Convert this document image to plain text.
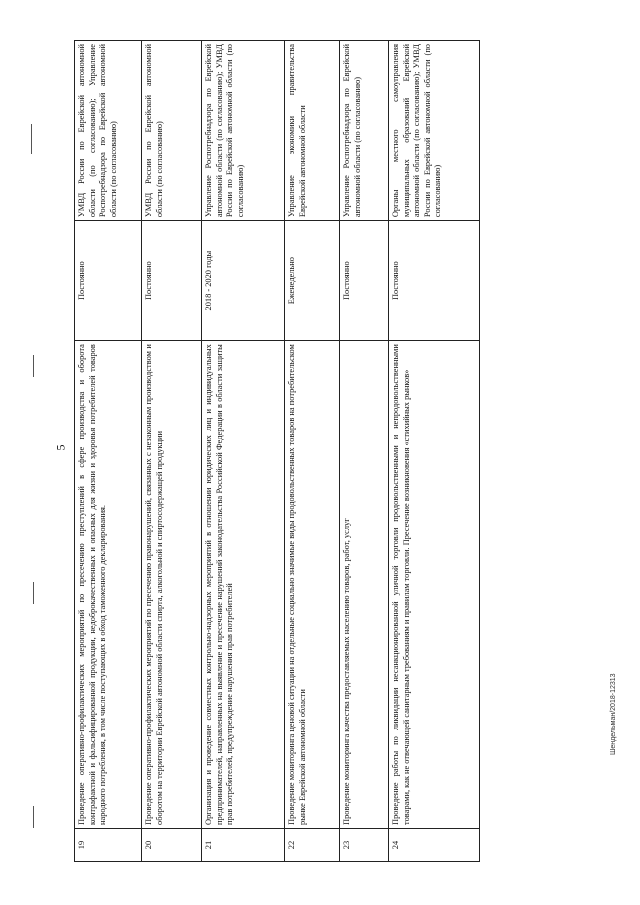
5
19	Проведение оперативно-профилактических мероприятий по пресечению преступлений в сфере производства и оборота контрафактной и фальсифицированной продукции, недоброкачественных и опасных для жизни и здоровья потребителей товаров народного потребления, в том числе поступающих в обход таможенного декларирования.	Постоянно	УМВД России по Еврейской автономной области (по согласованию); Управление Роспотребнадзора по Еврейской автономной области (по согласованию)
20	Проведение оперативно-профилактических мероприятий по пресечению правонарушений, связанных с незаконным производством и оборотом на территории Еврейской автономной области спирта, алкогольной и спиртосодержащей продукции	Постоянно	УМВД России по Еврейской автономной области (по согласованию)
21	Организация и проведение совместных контрольно-надзорных мероприятий в отношении юридических лиц и индивидуальных предпринимателей, направленных на выявление и пресечение нарушений законодательства Российской Федерации в области защиты прав потребителей, предупреждение нарушения прав потребителей	2018 - 2020 годы	Управление Роспотребнадзора по Еврейской автономной области (по согласованию); УМВД России по Еврейской автономной области (по согласованию)
22	Проведение мониторинга ценовой ситуации на отдельные социально значимые виды продовольственных товаров на потребительском рынке Еврейской автономной области	Еженедельно	Управление экономики правительства Еврейской автономной области
23	Проведение мониторинга качества предоставляемых населению товаров, работ, услуг	Постоянно	Управление Роспотребнадзора по Еврейской автономной области (по согласованию)
24	Проведение работы по ликвидации несанкционированной уличной торговли продовольственными и непродовольственными товарами, как не отвечающей санитарным требованиям и правилам торговли. Пресечение возникновения «стихийных рынков»	Постоянно	Органы местного самоуправления муниципальных образований Еврейской автономной области (по согласованию); УМВД России по Еврейской автономной области (по согласованию)
Шендельман/2018-12313
